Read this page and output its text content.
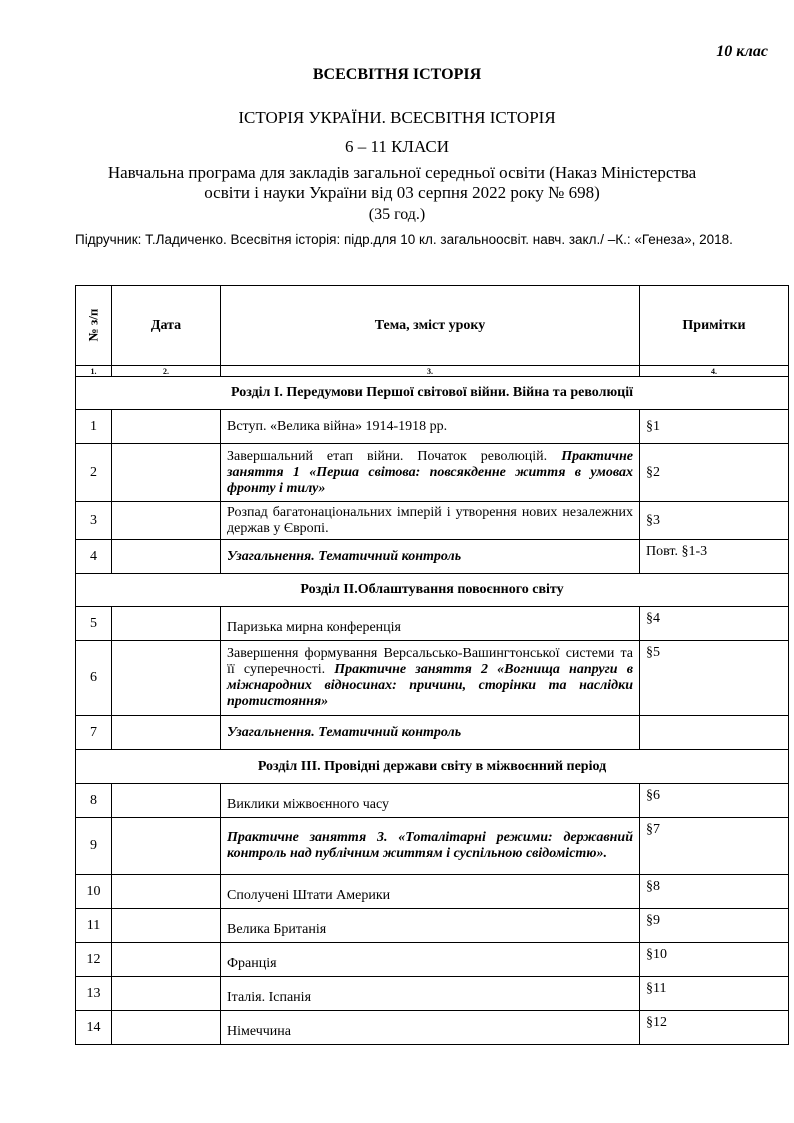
10 клас
ВСЕСВІТНЯ ІСТОРІЯ
ІСТОРІЯ УКРАЇНИ. ВСЕСВІТНЯ ІСТОРІЯ
6 – 11 КЛАСИ
Навчальна програма для закладів загальної середньої освіти (Наказ Міністерства освіти і науки України від 03 серпня 2022 року № 698)
(35 год.)
Підручник: Т.Ладиченко. Всесвітня історія: підр.для 10 кл. загальноосвіт. навч. закл./ –К.: «Генеза», 2018.
№ з/п	Дата	Тема, зміст уроку	Примітки
1.	2.	3.	4.
Розділ І. Передумови Першої світової війни. Війна та революції			
1		Вступ. «Велика війна» 1914-1918 рр.	§1
2		Завершальний етап війни. Початок революцій. Практичне заняття 1 «Перша світова: повсякденне життя в умовах фронту і тилу»	§2
3		Розпад багатонаціональних імперій і утворення нових незалежних держав у Європі.	§3
4		Узагальнення. Тематичний контроль	Повт. §1-3
Розділ ІІ.Облаштування повоєнного світу			
5		Паризька мирна конференція	§4
6		Завершення формування Версальсько-Вашингтонської системи та її суперечності. Практичне заняття 2 «Вогнища напруги в міжнародних відносинах: причини, сторінки та наслідки протистояння»	§5
7		Узагальнення. Тематичний контроль	
Розділ ІІІ. Провідні держави світу в міжвоєнний період			
8		Виклики міжвоєнного часу	§6
9		Практичне заняття 3. «Тоталітарні режими: державний контроль над публічним життям і суспільною свідомістю».	§7
10		Сполучені Штати Америки	§8
11		Велика Британія	§9
12		Франція	§10
13		Італія. Іспанія	§11
14		Німеччина	§12
